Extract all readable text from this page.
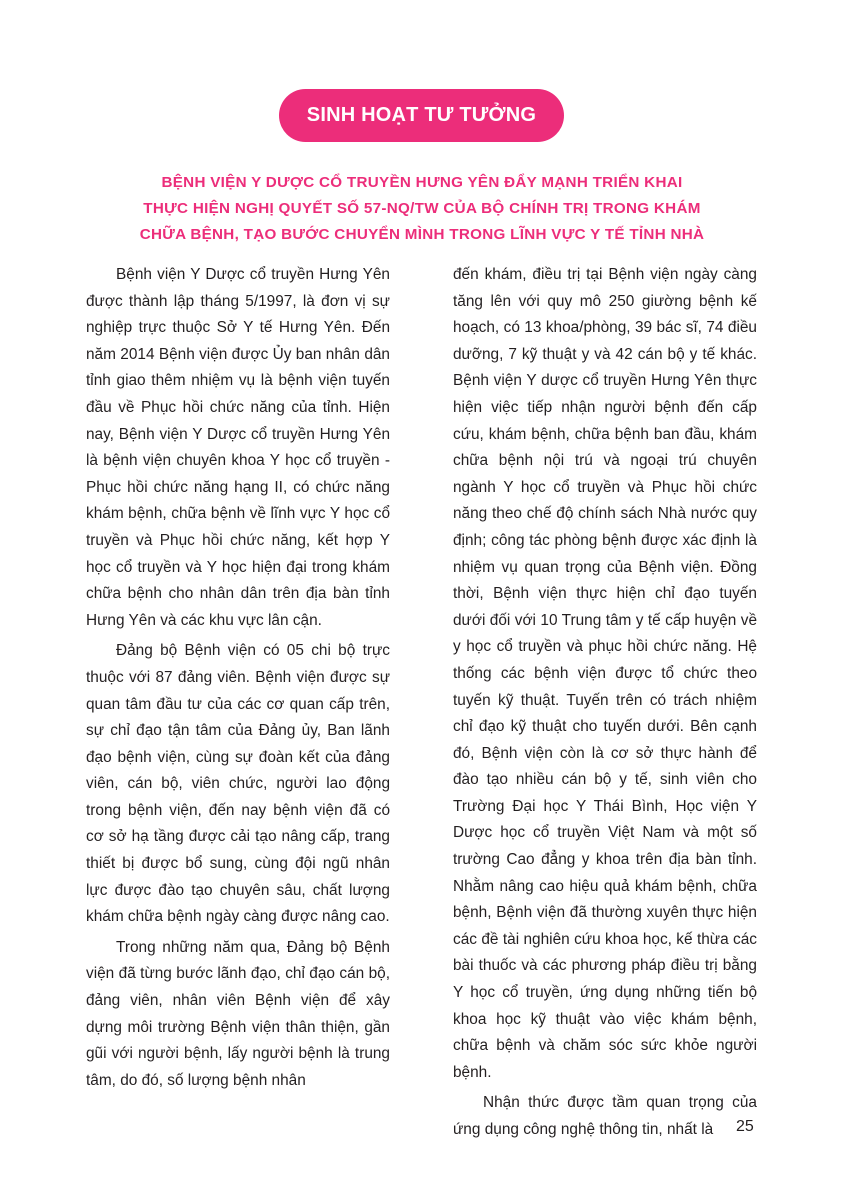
SINH HOẠT TƯ TƯỞNG
BỆNH VIỆN Y DƯỢC CỔ TRUYỀN HƯNG YÊN ĐẨY MẠNH TRIỂN KHAI
THỰC HIỆN NGHỊ QUYẾT SỐ 57-NQ/TW CỦA BỘ CHÍNH TRỊ TRONG KHÁM
CHỮA BỆNH, TẠO BƯỚC CHUYỂN MÌNH TRONG LĨNH VỰC Y TẾ TỈNH NHÀ

Bệnh viện Y Dược cổ truyền Hưng Yên được thành lập tháng 5/1997, là đơn vị sự nghiệp trực thuộc Sở Y tế Hưng Yên. Đến năm 2014 Bệnh viện được Ủy ban nhân dân tỉnh giao thêm nhiệm vụ là bệnh viện tuyến đầu về Phục hồi chức năng của tỉnh. Hiện nay, Bệnh viện Y Dược cổ truyền Hưng Yên là bệnh viện chuyên khoa Y học cổ truyền - Phục hồi chức năng hạng II, có chức năng khám bệnh, chữa bệnh về lĩnh vực Y học cổ truyền và Phục hồi chức năng, kết hợp Y học cổ truyền và Y học hiện đại trong khám chữa bệnh cho nhân dân trên địa bàn tỉnh Hưng Yên và các khu vực lân cận.

Đảng bộ Bệnh viện có 05 chi bộ trực thuộc với 87 đảng viên. Bệnh viện được sự quan tâm đầu tư của các cơ quan cấp trên, sự chỉ đạo tận tâm của Đảng ủy, Ban lãnh đạo bệnh viện, cùng sự đoàn kết của đảng viên, cán bộ, viên chức, người lao động trong bệnh viện, đến nay bệnh viện đã có cơ sở hạ tầng được cải tạo nâng cấp, trang thiết bị được bổ sung, cùng đội ngũ nhân lực được đào tạo chuyên sâu, chất lượng khám chữa bệnh ngày càng được nâng cao.

Trong những năm qua, Đảng bộ Bệnh viện đã từng bước lãnh đạo, chỉ đạo cán bộ, đảng viên, nhân viên Bệnh viện để xây dựng môi trường Bệnh viện thân thiện, gần gũi với người bệnh, lấy người bệnh là trung tâm, do đó, số lượng bệnh nhân

đến khám, điều trị tại Bệnh viện ngày càng tăng lên với quy mô 250 giường bệnh kế hoạch, có 13 khoa/phòng, 39 bác sĩ, 74 điều dưỡng, 7 kỹ thuật y và 42 cán bộ y tế khác. Bệnh viện Y dược cổ truyền Hưng Yên thực hiện việc tiếp nhận người bệnh đến cấp cứu, khám bệnh, chữa bệnh ban đầu, khám chữa bệnh nội trú và ngoại trú chuyên ngành Y học cổ truyền và Phục hồi chức năng theo chế độ chính sách Nhà nước quy định; công tác phòng bệnh được xác định là nhiệm vụ quan trọng của Bệnh viện. Đồng thời, Bệnh viện thực hiện chỉ đạo tuyến dưới đối với 10 Trung tâm y tế cấp huyện về y học cổ truyền và phục hồi chức năng. Hệ thống các bệnh viện được tổ chức theo tuyến kỹ thuật. Tuyến trên có trách nhiệm chỉ đạo kỹ thuật cho tuyến dưới. Bên cạnh đó, Bệnh viện còn là cơ sở thực hành để đào tạo nhiều cán bộ y tế, sinh viên cho Trường Đại học Y Thái Bình, Học viện Y Dược học cổ truyền Việt Nam và một số trường Cao đẳng y khoa trên địa bàn tỉnh. Nhằm nâng cao hiệu quả khám bệnh, chữa bệnh, Bệnh viện đã thường xuyên thực hiện các đề tài nghiên cứu khoa học, kế thừa các bài thuốc và các phương pháp điều trị bằng Y học cổ truyền, ứng dụng những tiến bộ khoa học kỹ thuật vào việc khám bệnh, chữa bệnh và chăm sóc sức khỏe người bệnh.

Nhận thức được tầm quan trọng của ứng dụng công nghệ thông tin, nhất là	25
